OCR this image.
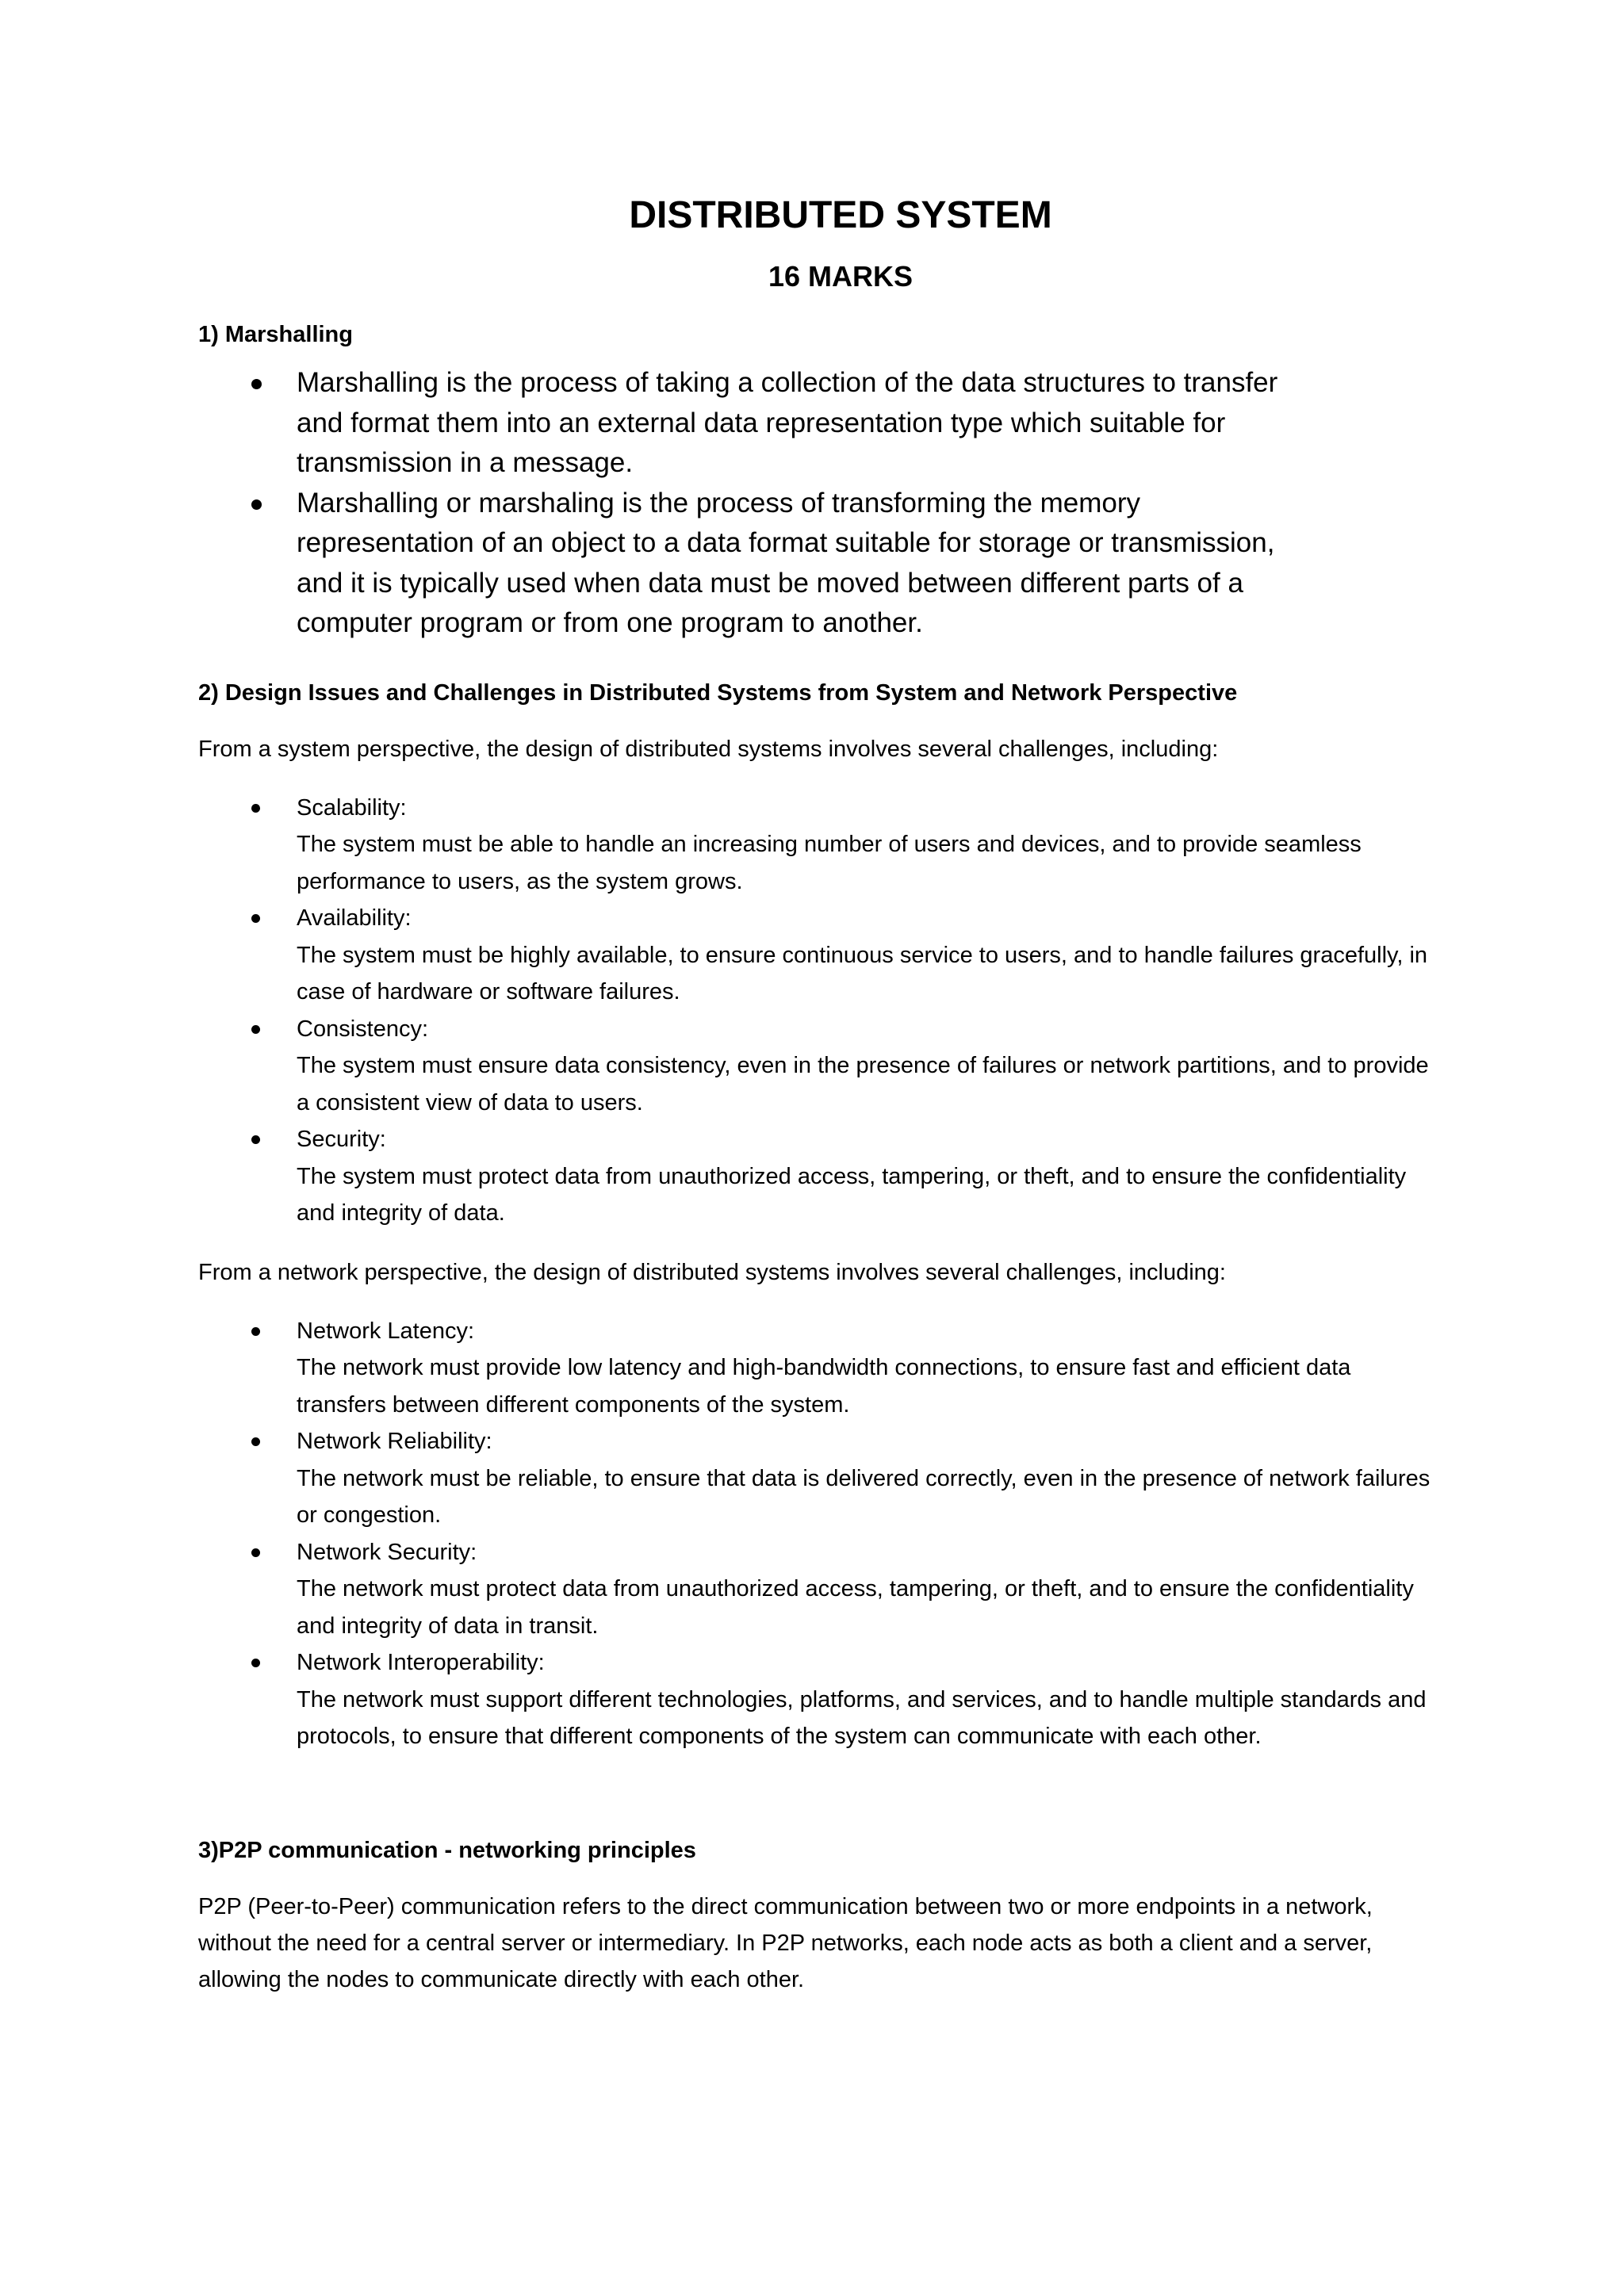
DISTRIBUTED SYSTEM
16 MARKS

1) Marshalling

Marshalling is the process of taking a collection of the data structures to transfer and format them into an external data representation type which suitable for transmission in a message.
Marshalling or marshaling is the process of transforming the memory representation of an object to a data format suitable for storage or transmission, and it is typically used when data must be moved between different parts of a computer program or from one program to another.

2) Design Issues and Challenges in Distributed Systems from System and Network Perspective

From a system perspective, the design of distributed systems involves several challenges, including:

Scalability:
The system must be able to handle an increasing number of users and devices, and to provide seamless performance to users, as the system grows.
Availability:
The system must be highly available, to ensure continuous service to users, and to handle failures gracefully, in case of hardware or software failures.
Consistency:
The system must ensure data consistency, even in the presence of failures or network partitions, and to provide a consistent view of data to users.
Security:
The system must protect data from unauthorized access, tampering, or theft, and to ensure the confidentiality and integrity of data.

From a network perspective, the design of distributed systems involves several challenges, including:

Network Latency:
The network must provide low latency and high-bandwidth connections, to ensure fast and efficient data transfers between different components of the system.
Network Reliability:
The network must be reliable, to ensure that data is delivered correctly, even in the presence of network failures or congestion.
Network Security:
The network must protect data from unauthorized access, tampering, or theft, and to ensure the confidentiality and integrity of data in transit.
Network Interoperability:
The network must support different technologies, platforms, and services, and to handle multiple standards and protocols, to ensure that different components of the system can communicate with each other.

3)P2P communication - networking principles

P2P (Peer-to-Peer) communication refers to the direct communication between two or more endpoints in a network, without the need for a central server or intermediary. In P2P networks, each node acts as both a client and a server, allowing the nodes to communicate directly with each other.
